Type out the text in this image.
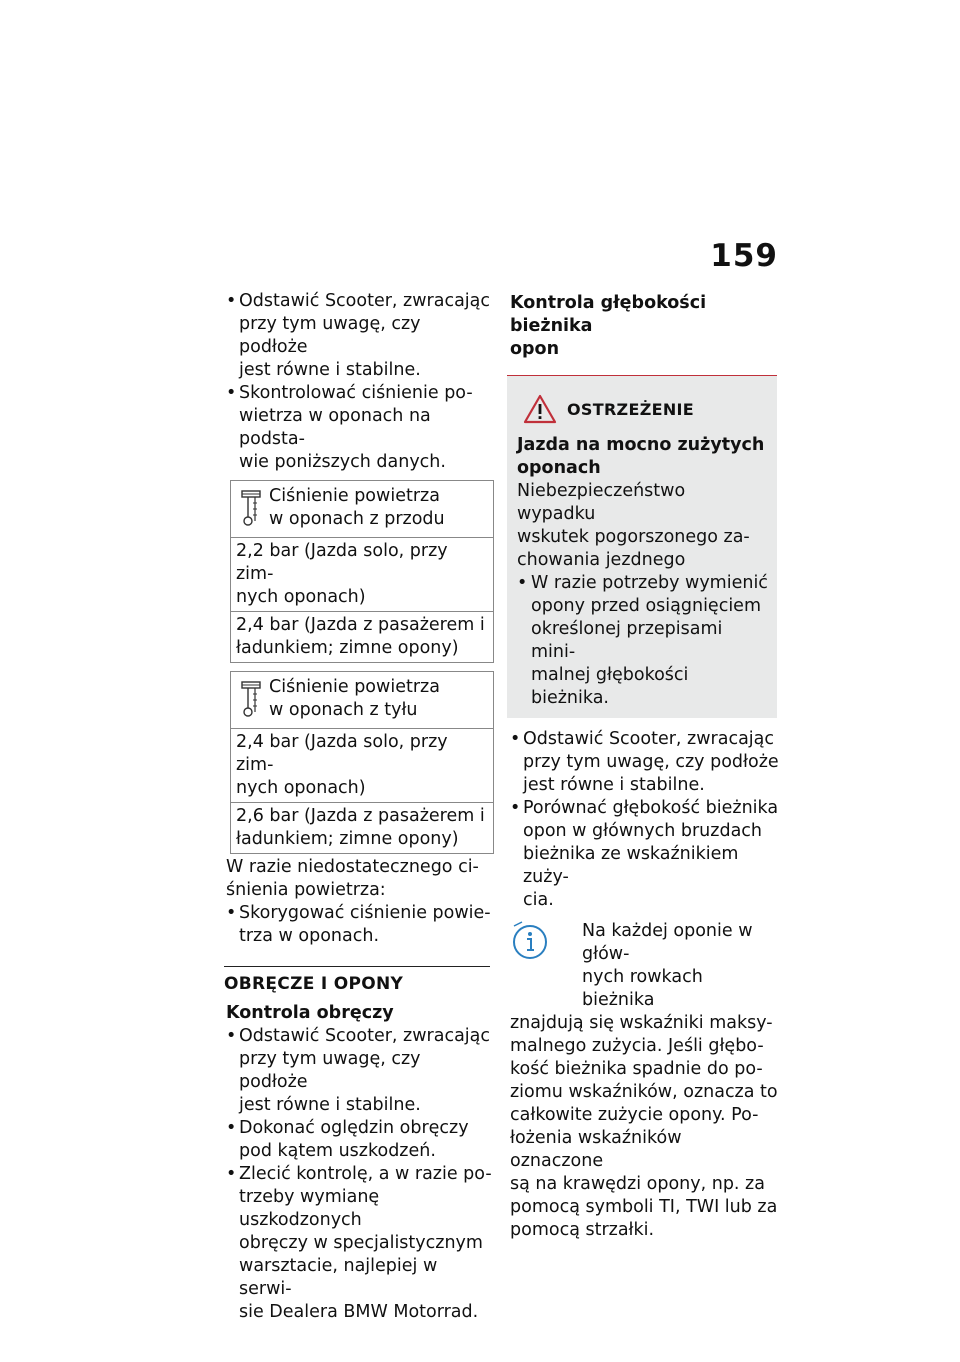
159

• Odstawić Scooter, zwracając
przy tym uwagę, czy podłoże
jest równe i stabilne.

• Skontrolować ciśnienie po-
wietrza w oponach na podsta-
wie poniższych danych.

Ciśnienie powietrza
w oponach z przodu
2,2 bar (Jazda solo, przy zim-
nych oponach)
2,4 bar (Jazda z pasażerem i
ładunkiem; zimne opony)
Ciśnienie powietrza
w oponach z tyłu
2,4 bar (Jazda solo, przy zim-
nych oponach)
2,6 bar (Jazda z pasażerem i
ładunkiem; zimne opony)

W razie niedostatecznego ci-
śnienia powietrza:

• Skorygować ciśnienie powie-
trza w oponach.

OBRĘCZE I OPONY
Kontrola obręczy

• Odstawić Scooter, zwracając
przy tym uwagę, czy podłoże
jest równe i stabilne.

• Dokonać oględzin obręczy
pod kątem uszkodzeń.

• Zlecić kontrolę, a w razie po-
trzeby wymianę uszkodzonych
obręczy w specjalistycznym
warsztacie, najlepiej w serwi-
sie Dealera BMW Motorrad.

Kontrola głębokości bieżnika
opon
OSTRZEŻENIE
Jazda na mocno zużytych
oponach
Niebezpieczeństwo wypadku
wskutek pogorszonego za-
chowania jezdnego

• W razie potrzeby wymienić
opony przed osiągnięciem
określonej przepisami mini-
malnej głębokości bieżnika.

• Odstawić Scooter, zwracając
przy tym uwagę, czy podłoże
jest równe i stabilne.

• Porównać głębokość bieżnika
opon w głównych bruzdach
bieżnika ze wskaźnikiem zuży-
cia.

Na każdej oponie w głów-
nych rowkach bieżnika
znajdują się wskaźniki maksy-
malnego zużycia. Jeśli głębo-
kość bieżnika spadnie do po-
ziomu wskaźników, oznacza to
całkowite zużycie opony. Po-
łożenia wskaźników oznaczone
są na krawędzi opony, np. za
pomocą symboli TI, TWI lub za
pomocą strzałki.
